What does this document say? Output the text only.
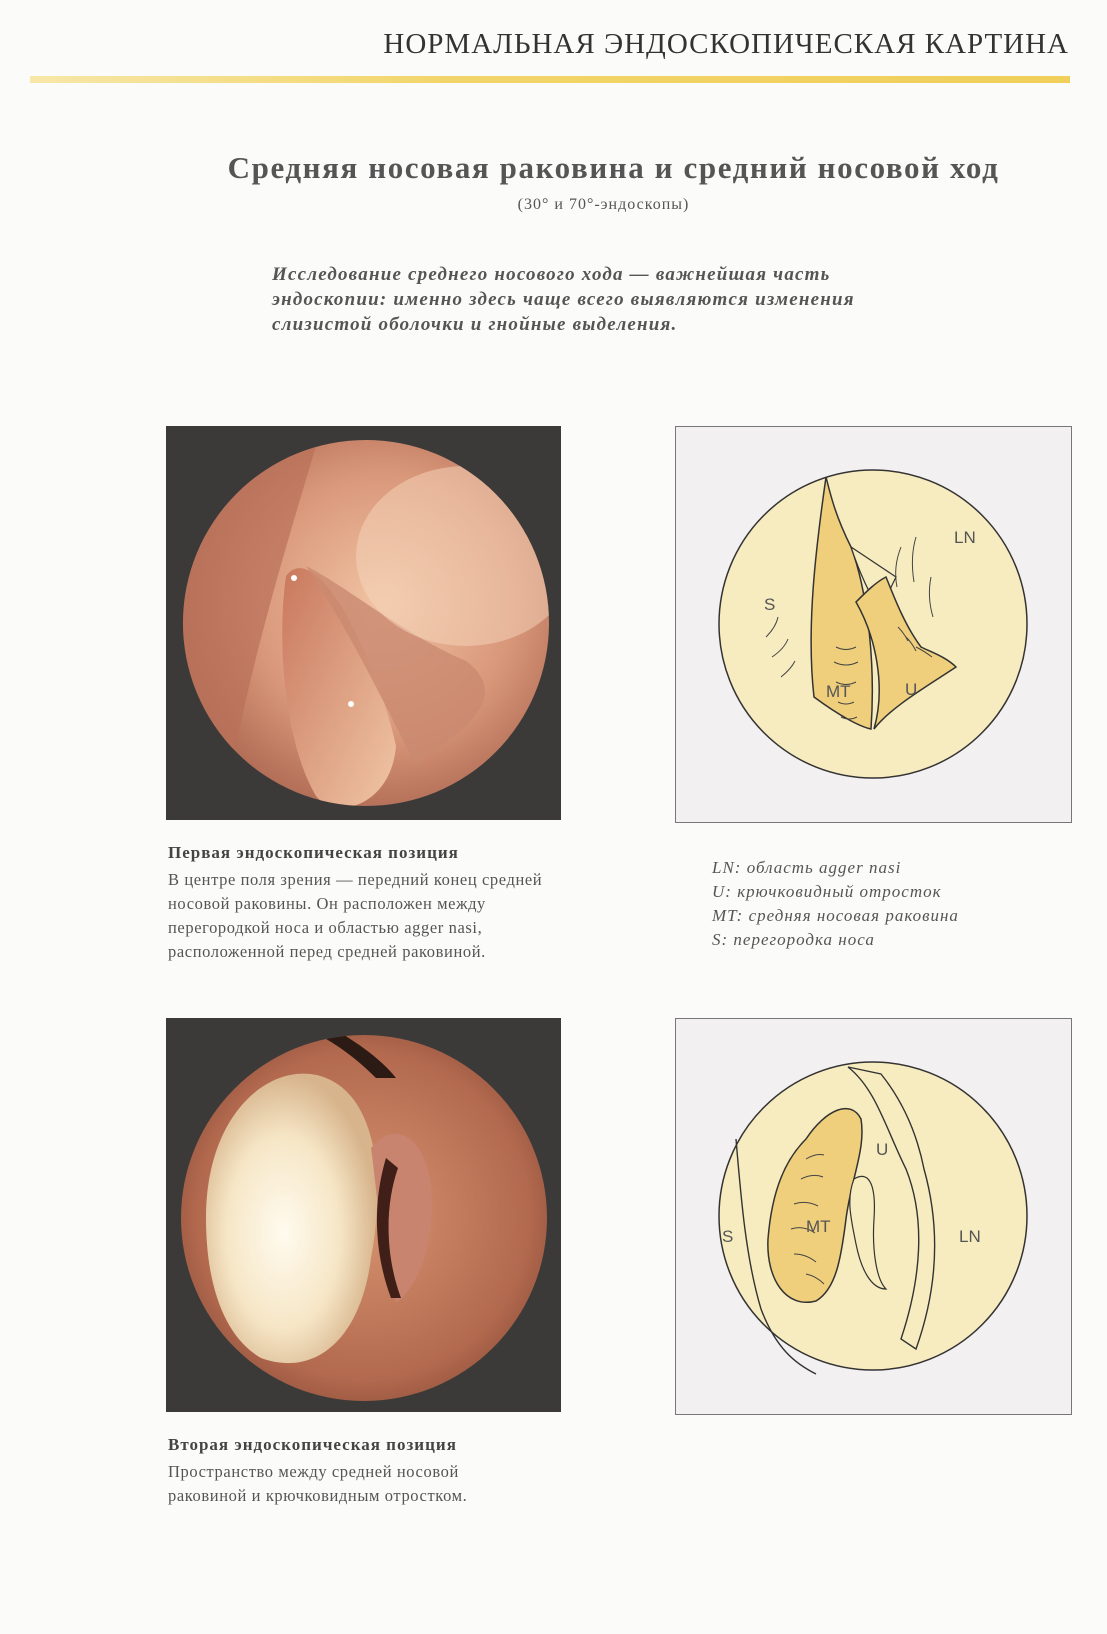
НОРМАЛЬНАЯ ЭНДОСКОПИЧЕСКАЯ КАРТИНА
Средняя носовая раковина и средний носовой ход
(30° и 70°-эндоскопы)
Исследование среднего носового хода — важнейшая часть эндоскопии: именно здесь чаще всего выявляются изменения слизистой оболочки и гнойные выделения.
LN
S
MT	U
Первая эндоскопическая позиция
В центре поля зрения — передний конец средней носовой раковины. Он расположен между перегородкой носа и областью agger nasi, расположенной перед средней раковиной.
LN: область agger nasi
U: крючковидный отросток
MT: средняя носовая раковина
S: перегородка носа
U
MT
S	LN
Вторая эндоскопическая позиция
Пространство между средней носовой раковиной и крючковидным отростком.
